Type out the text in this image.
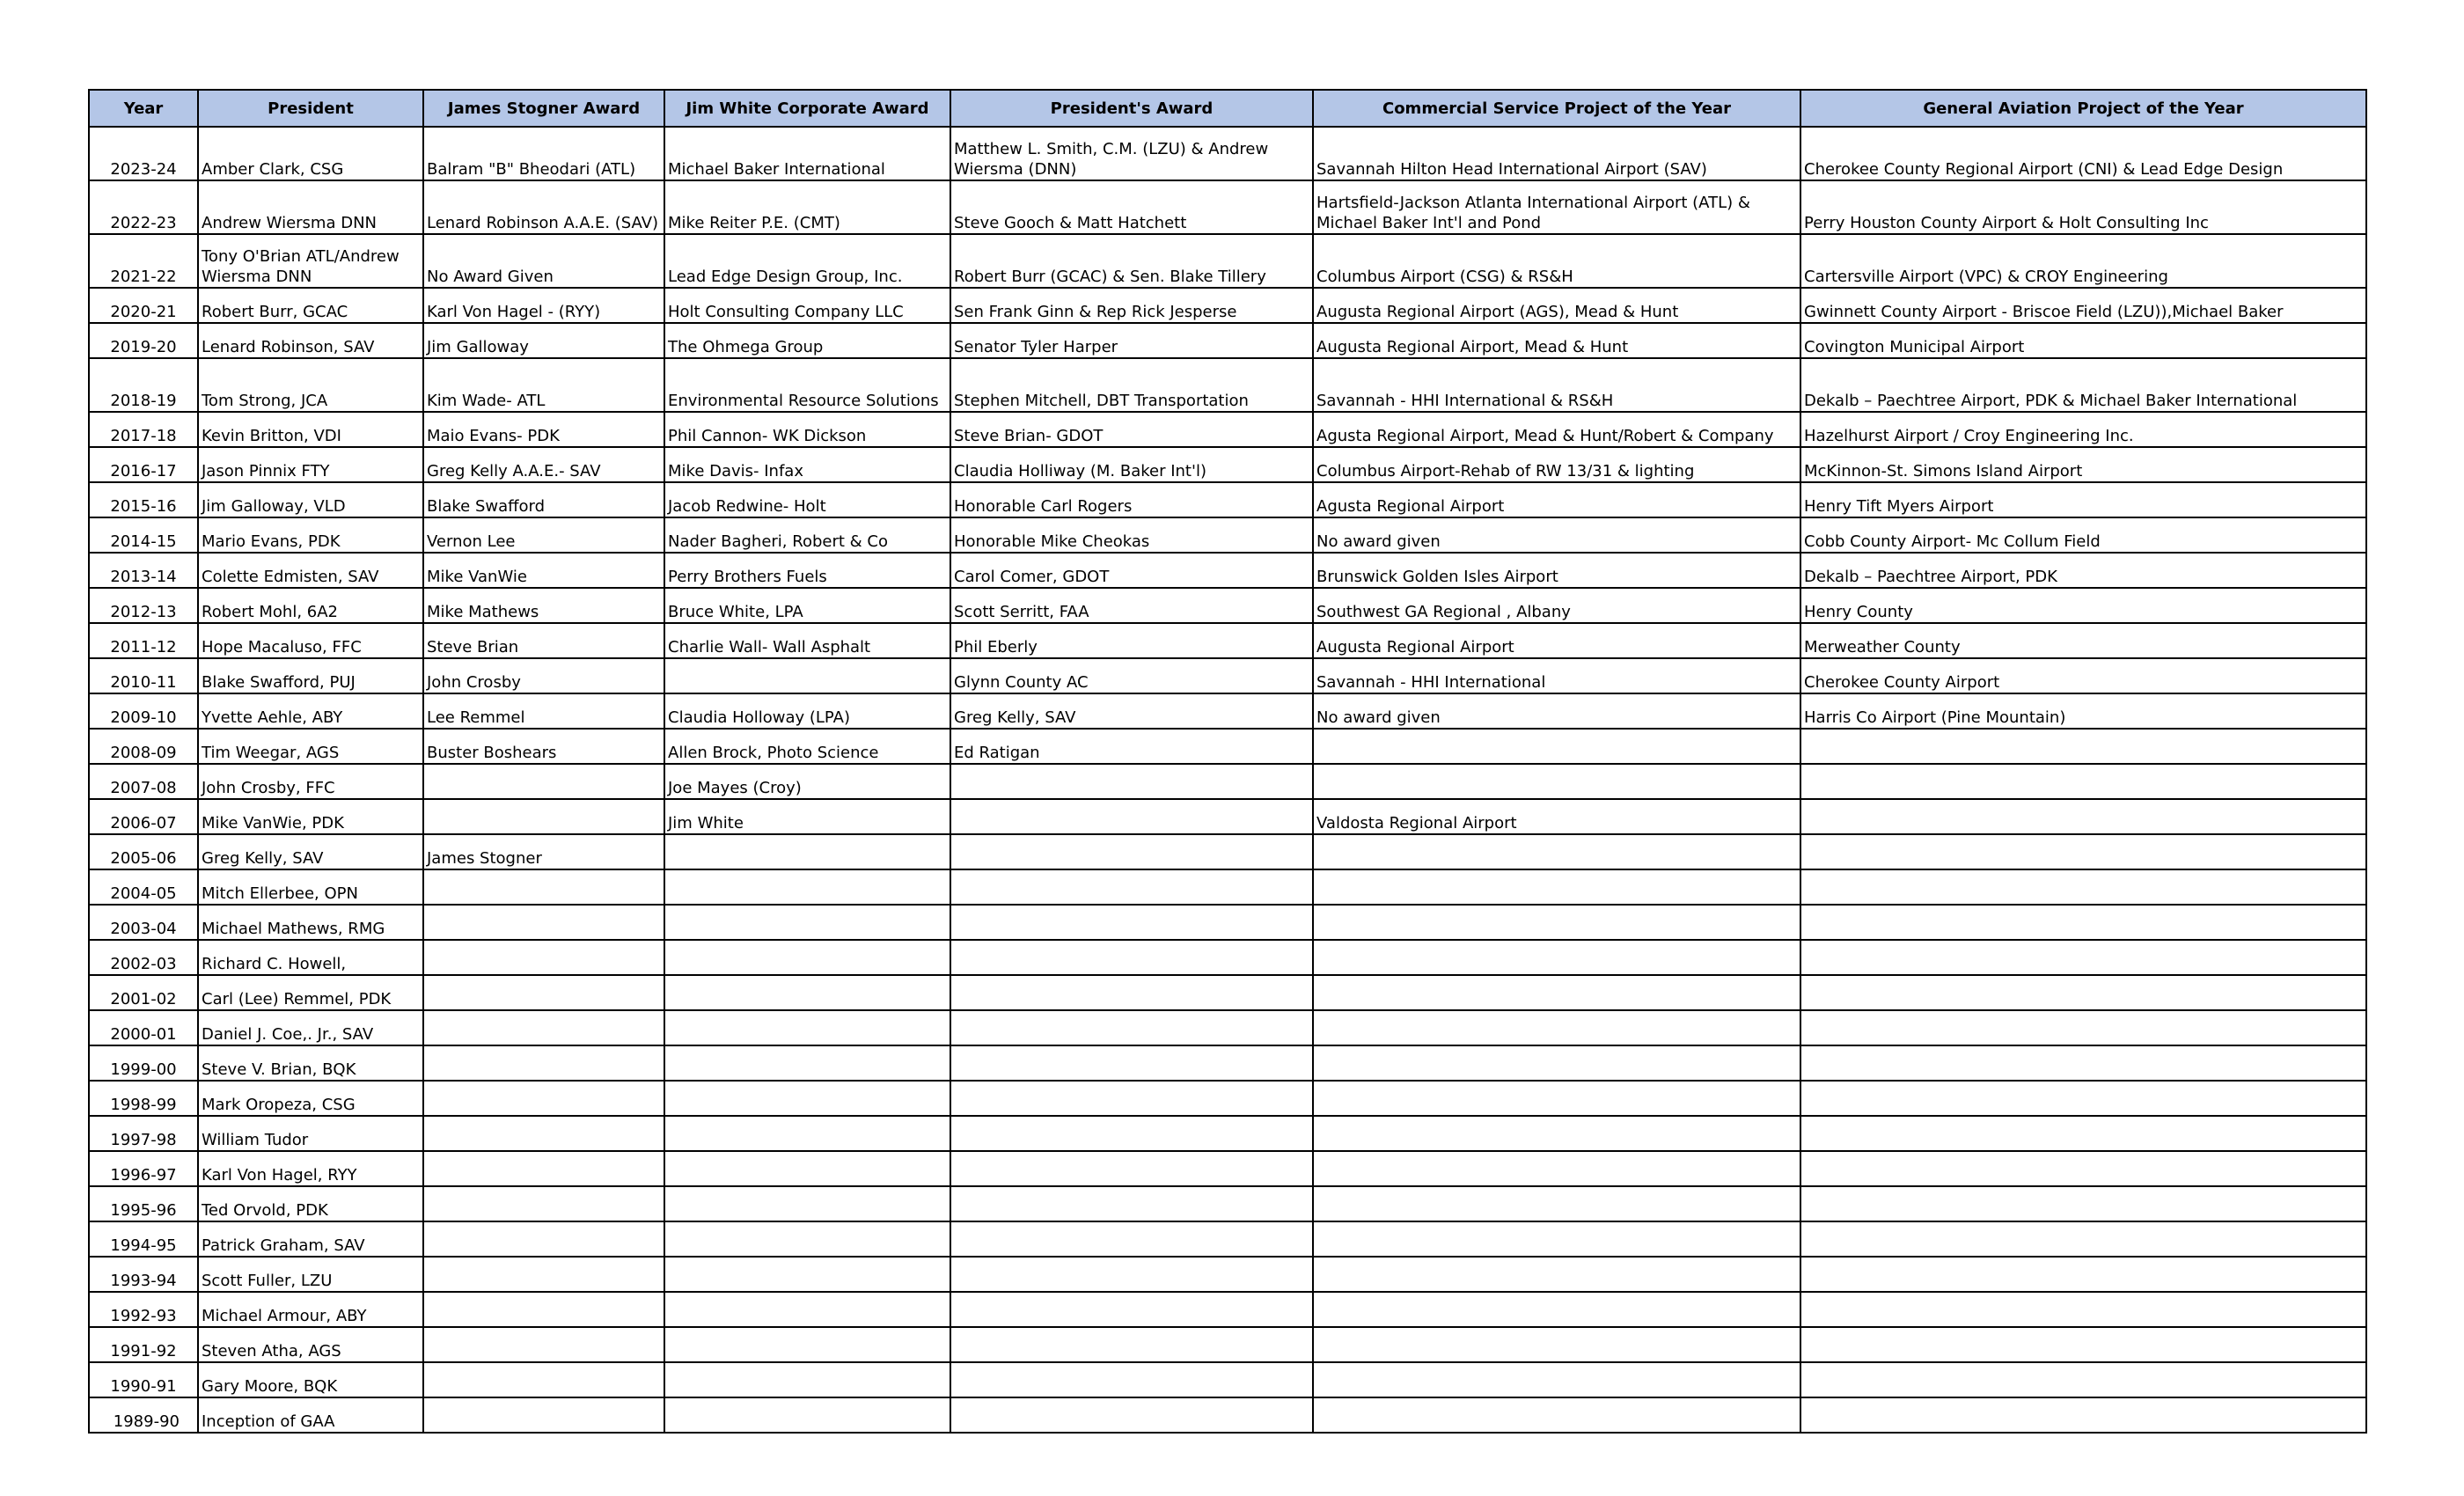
Year	President	James Stogner Award	Jim White Corporate Award	President's Award	Commercial Service Project of the Year	General Aviation Project of the Year
2023-24	Amber Clark, CSG	Balram "B" Bheodari (ATL)	Michael Baker International	Matthew L. Smith, C.M. (LZU) & Andrew Wiersma (DNN)	Savannah Hilton Head International Airport (SAV)	Cherokee County Regional Airport (CNI) & Lead Edge Design
2022-23	Andrew Wiersma DNN	Lenard Robinson A.A.E. (SAV)	Mike Reiter P.E. (CMT)	Steve Gooch & Matt Hatchett	Hartsfield-Jackson Atlanta International Airport (ATL) & Michael Baker Int'l and Pond	Perry Houston County Airport & Holt Consulting Inc
2021-22	Tony O'Brian ATL/Andrew Wiersma DNN	No Award Given	Lead Edge Design Group, Inc.	Robert Burr (GCAC) & Sen. Blake Tillery	Columbus Airport (CSG) & RS&H	Cartersville Airport (VPC) & CROY Engineering
2020-21	Robert Burr, GCAC	Karl Von Hagel - (RYY)	Holt Consulting Company LLC	Sen Frank Ginn & Rep Rick Jesperse	Augusta Regional Airport (AGS), Mead & Hunt	Gwinnett County Airport - Briscoe Field (LZU)),Michael Baker
2019-20	Lenard Robinson, SAV	Jim Galloway	The Ohmega Group	Senator Tyler Harper	Augusta Regional Airport, Mead & Hunt	Covington Municipal Airport
2018-19	Tom Strong, JCA	Kim Wade- ATL	Environmental Resource Solutions	Stephen Mitchell, DBT Transportation	Savannah - HHI International & RS&H	Dekalb – Paechtree Airport, PDK & Michael Baker International
2017-18	Kevin Britton, VDI	Maio Evans- PDK	Phil Cannon- WK Dickson	Steve Brian- GDOT	Agusta Regional Airport, Mead & Hunt/Robert & Company	Hazelhurst Airport / Croy Engineering Inc.
2016-17	Jason Pinnix FTY	Greg Kelly A.A.E.- SAV	Mike Davis- Infax	Claudia Holliway (M. Baker Int'l)	Columbus Airport-Rehab of RW 13/31 & lighting	McKinnon-St. Simons Island Airport
2015-16	Jim Galloway, VLD	Blake Swafford	Jacob Redwine- Holt	Honorable Carl Rogers	Agusta Regional Airport	Henry Tift Myers Airport
2014-15	Mario Evans, PDK	Vernon Lee	Nader Bagheri, Robert & Co	Honorable Mike Cheokas	No award given	Cobb County Airport- Mc Collum Field
2013-14	Colette Edmisten, SAV	Mike VanWie	Perry Brothers Fuels	Carol Comer, GDOT	Brunswick Golden Isles Airport	Dekalb – Paechtree Airport, PDK
2012-13	Robert Mohl, 6A2	Mike Mathews	Bruce White, LPA	Scott Serritt, FAA	Southwest GA Regional , Albany	Henry County
2011-12	Hope Macaluso, FFC	Steve Brian	Charlie Wall- Wall Asphalt	Phil Eberly	Augusta Regional Airport	Merweather County
2010-11	Blake Swafford, PUJ	John Crosby		Glynn County AC	Savannah - HHI International	Cherokee County Airport
2009-10	Yvette Aehle, ABY	Lee Remmel	Claudia Holloway (LPA)	Greg Kelly, SAV	No award given	Harris Co Airport (Pine Mountain)
2008-09	Tim Weegar, AGS	Buster Boshears	Allen Brock, Photo Science	Ed Ratigan		
2007-08	John Crosby, FFC		Joe Mayes (Croy)			
2006-07	Mike VanWie, PDK		Jim White		Valdosta Regional Airport	
2005-06	Greg Kelly, SAV	James Stogner				
2004-05	Mitch Ellerbee, OPN					
2003-04	Michael Mathews, RMG					
2002-03	Richard C. Howell,					
2001-02	Carl (Lee) Remmel, PDK					
2000-01	Daniel J. Coe,. Jr., SAV					
1999-00	Steve V. Brian, BQK					
1998-99	Mark Oropeza, CSG					
1997-98	William Tudor					
1996-97	Karl Von Hagel, RYY					
1995-96	Ted Orvold, PDK					
1994-95	Patrick Graham, SAV					
1993-94	Scott Fuller, LZU					
1992-93	Michael Armour, ABY					
1991-92	Steven Atha, AGS					
1990-91	Gary Moore, BQK					
1989-90	Inception of GAA					
